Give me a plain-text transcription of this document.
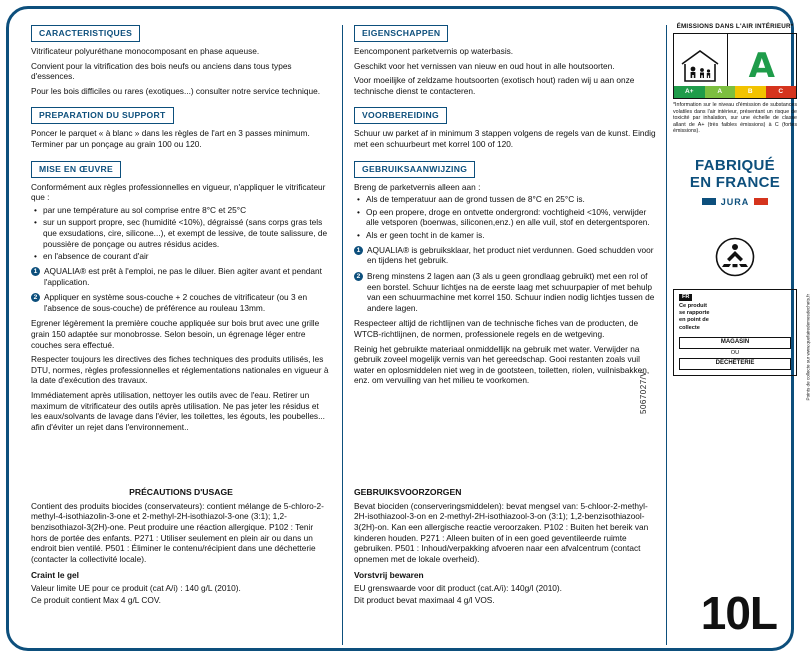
CARACTERISTIQUES

Vitrificateur polyuréthane monocomposant en phase aqueuse.

Convient pour la vitrification des bois neufs ou anciens dans tous types d'essences.

Pour les bois difficiles ou rares (exotiques...) consulter notre service technique.

PREPARATION DU SUPPORT

Poncer le parquet « à blanc » dans les règles de l'art en 3 passes minimum. Terminer par un ponçage au grain 100 ou 120.

MISE EN ŒUVRE

Conformément aux règles professionnelles en vigueur, n'appliquer le vitrificateur que :

• par une température au sol comprise entre 8°C et 25°C
• sur un support propre, sec (humidité <10%), dégraissé (sans corps gras tels que exsudations, cire, silicone...), et exempt de lessive, de toute salissure, de poussière de ponçage ou autres résidus acides.
• en l'absence de courant d'air
1 AQUALIA® est prêt à l'emploi, ne pas le diluer. Bien agiter avant et pendant l'application.
2 Appliquer en système sous-couche + 2 couches de vitrificateur (ou 3 en l'absence de sous-couche) de préférence au rouleau 13mm.

Egrener légèrement la première couche appliquée sur bois brut avec une grille grain 150 adaptée sur monobrosse. Selon besoin, un égrenage léger entre couches sera effectué.

Respecter toujours les directives des fiches techniques des produits utilisés, les DTU, normes, règles professionnelles et réglementations nationales en vigueur à la date d'exécution des travaux.

Immédiatement après utilisation, nettoyer les outils avec de l'eau. Retirer un maximum de vitrificateur des outils après utilisation. Ne pas jeter les résidus et les eaux/solvants de lavage dans l'évier, les toilettes, les égouts, les poubelles... afin d'éviter un rejet dans l'environnement..

PRÉCAUTIONS D'USAGE

Contient des produits biocides (conservateurs): contient mélange de 5-chloro-2-methyl-4-isothiazolin-3-one et 2-methyl-2H-isothiazol-3-one (3:1); 1,2-benzisothiazol-3(2H)-one. Peut produire une réaction allergique. P102 : Tenir hors de portée des enfants. P271 : Utiliser seulement en plein air ou dans un endroit bien ventilé. P501 : Éliminer le contenu/récipient dans une déchetterie (contacter la collectivité locale).

Craint le gel

Valeur limite UE pour ce produit (cat A/i) : 140 g/L (2010).

Ce produit contient Max 4 g/L COV.

EIGENSCHAPPEN

Eencomponent parketvernis op waterbasis.

Geschikt voor het vernissen van nieuw en oud hout in alle houtsoorten.

Voor moeilijke of zeldzame houtsoorten (exotisch hout) raden wij u aan onze technische dienst te contacteren.

VOORBEREIDING

Schuur uw parket af in minimum 3 stappen volgens de regels van de kunst. Eindig met een schuurbeurt met korrel 100 of 120.

GEBRUIKSAANWIJZING

Breng de parketvernis alleen aan :

• Als de temperatuur aan de grond tussen de 8°C en 25°C is.
• Op een propere, droge en ontvette ondergrond: vochtigheid <10%, verwijder alle vetsporen (boenwas, siliconen,enz.) en alle vuil, stof en detergentsporen.
• Als er geen tocht in de kamer is.
1 AQUALIA® is gebruiksklaar, het product niet verdunnen. Goed schudden voor en tijdens het gebruik.
2 Breng minstens 2 lagen aan (3 als u geen grondlaag gebruikt) met een rol of een borstel. Schuur lichtjes na de eerste laag met schuurpapier of met behulp van een schuurmachine met korrel 150. Schuur indien nodig lichtjes tussen de andere lagen.

Respecteer altijd de richtlijnen van de technische fiches van de producten, de WTCB-richtlijnen, de normen, professionele regels en de wetgeving.

Reinig het gebruikte materiaal onmiddellijk na gebruik met water. Verwijder na gebruik zoveel mogelijk vernis van het gereedschap. Gooi restanten zoals vuil water en oplosmiddelen niet weg in de gootsteen, toiletten, riolen, vuilnisbakken, enz. om vervuiling van het milieu te voorkomen.

GEBRUIKSVOORZORGEN

Bevat biociden (conserveringsmiddelen): bevat mengsel van: 5-chloor-2-methyl-2H-isothiazool-3-on en 2-methyl-2H-isothiazool-3-on (3:1); 1,2-benzisothiazool-3(2H)-on. Kan een allergische reactie veroorzaken. P102 : Buiten het bereik van kinderen houden. P271 : Alleen buiten of in een goed geventileerde ruimte gebruiken. P501 : Inhoud/verpakking afvoeren naar een afvalcentrum (contact opnemen met de lokale overheid).

Vorstvrij bewaren

EU grenswaarde voor dit product (cat.A/i): 140g/l (2010).

Dit product bevat maximaal 4 g/l VOS.

5067027/V
ÉMISSIONS DANS L'AIR INTÉRIEUR*
A
A+	A	B	C
*Information sur le niveau d'émission de substances volatiles dans l'air intérieur, présentant un risque de toxicité par inhalation, sur une échelle de classe allant de A+ (très faibles émissions) à C (fortes émissions).
FABRIQUÉ
EN FRANCE
JURA
FR
Ce produit
se rapporte
en point de
collecte
MAGASIN
OU
DÉCHÈTERIE	Points de collecte sur www.quefairedemesdechets.fr
10L
